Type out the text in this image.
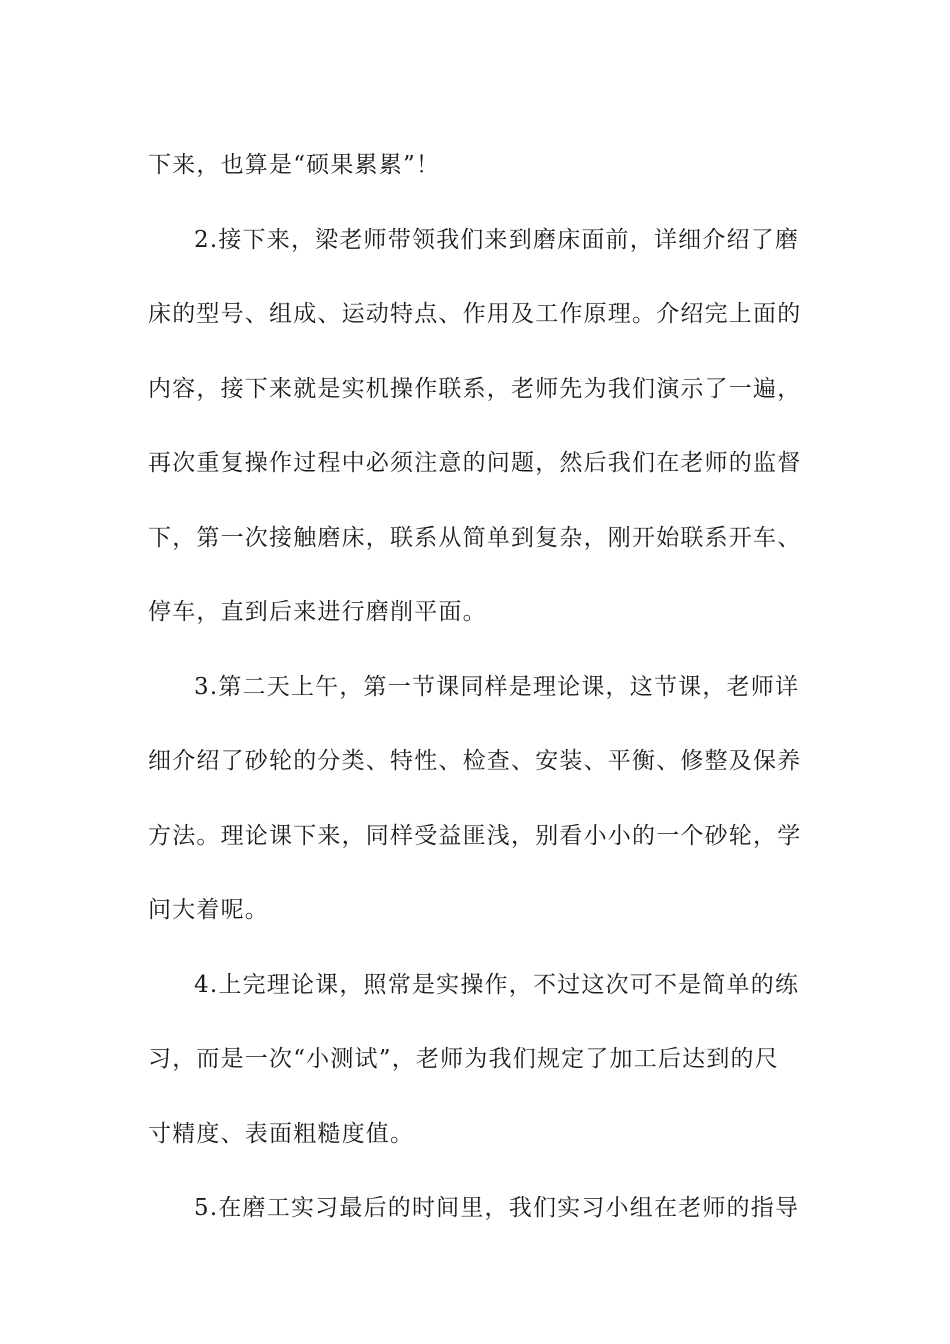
下来，也算是“硕果累累”！

2.接下来，梁老师带领我们来到磨床面前，详细介绍了磨
床的型号、组成、运动特点、作用及工作原理。介绍完上面的
内容，接下来就是实机操作联系，老师先为我们演示了一遍，
再次重复操作过程中必须注意的问题，然后我们在老师的监督
下，第一次接触磨床，联系从简单到复杂，刚开始联系开车、
停车，直到后来进行磨削平面。

3.第二天上午，第一节课同样是理论课，这节课，老师详
细介绍了砂轮的分类、特性、检查、安装、平衡、修整及保养
方法。理论课下来，同样受益匪浅，别看小小的一个砂轮，学
问大着呢。

4.上完理论课，照常是实操作，不过这次可不是简单的练
习，而是一次“小测试”，老师为我们规定了加工后达到的尺
寸精度、表面粗糙度值。

5.在磨工实习最后的时间里，我们实习小组在老师的指导
